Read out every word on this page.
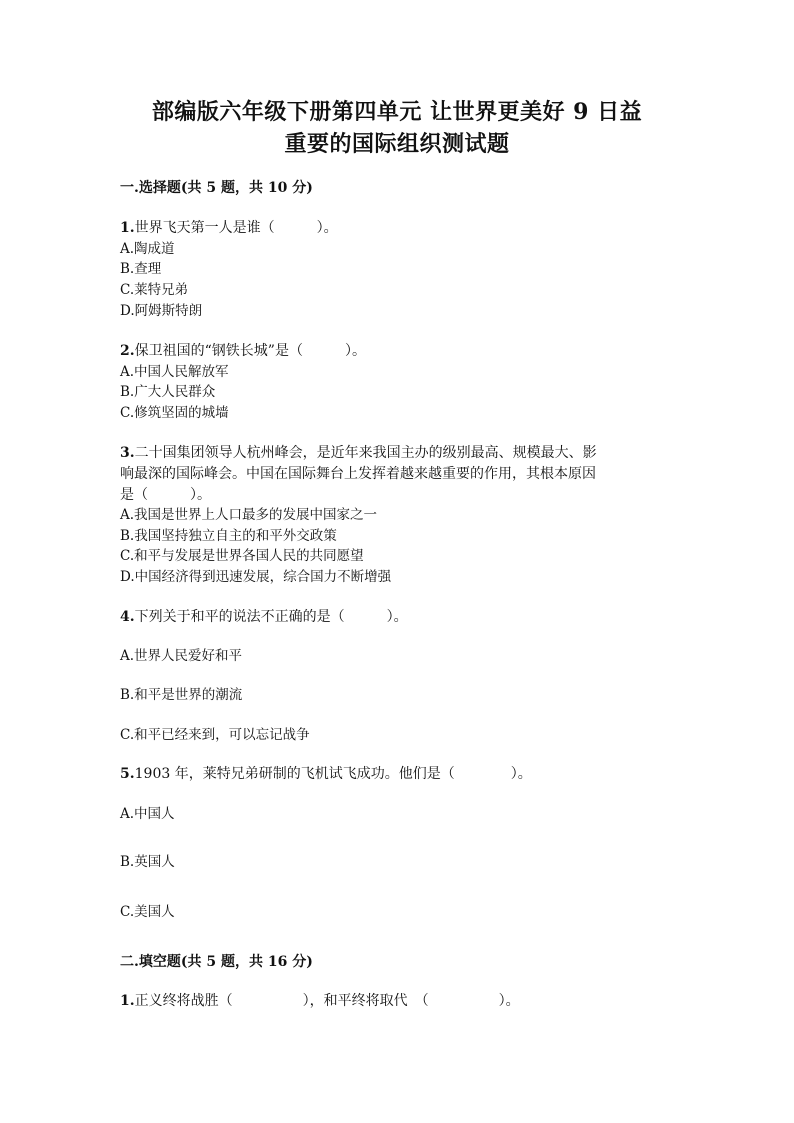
部编版六年级下册第四单元 让世界更美好 9 日益
重要的国际组织测试题
一.选择题(共 5 题，共 10 分)
1.世界飞天第一人是谁（　　　）。
A.陶成道
B.查理
C.莱特兄弟
D.阿姆斯特朗
2.保卫祖国的“钢铁长城”是（　　　）。
A.中国人民解放军
B.广大人民群众
C.修筑坚固的城墙
3.二十国集团领导人杭州峰会，是近年来我国主办的级别最高、规模最大、影
响最深的国际峰会。中国在国际舞台上发挥着越来越重要的作用，其根本原因
是（　　　）。
A.我国是世界上人口最多的发展中国家之一
B.我国坚持独立自主的和平外交政策
C.和平与发展是世界各国人民的共同愿望
D.中国经济得到迅速发展，综合国力不断增强
4.下列关于和平的说法不正确的是（　　　）。
A.世界人民爱好和平
B.和平是世界的潮流
C.和平已经来到，可以忘记战争
5.1903 年，莱特兄弟研制的飞机试飞成功。他们是（　　　　）。
A.中国人
B.英国人
C.美国人
二.填空题(共 5 题，共 16 分)
1.正义终将战胜（　　　　　），和平终将取代　（　　　　　）。
